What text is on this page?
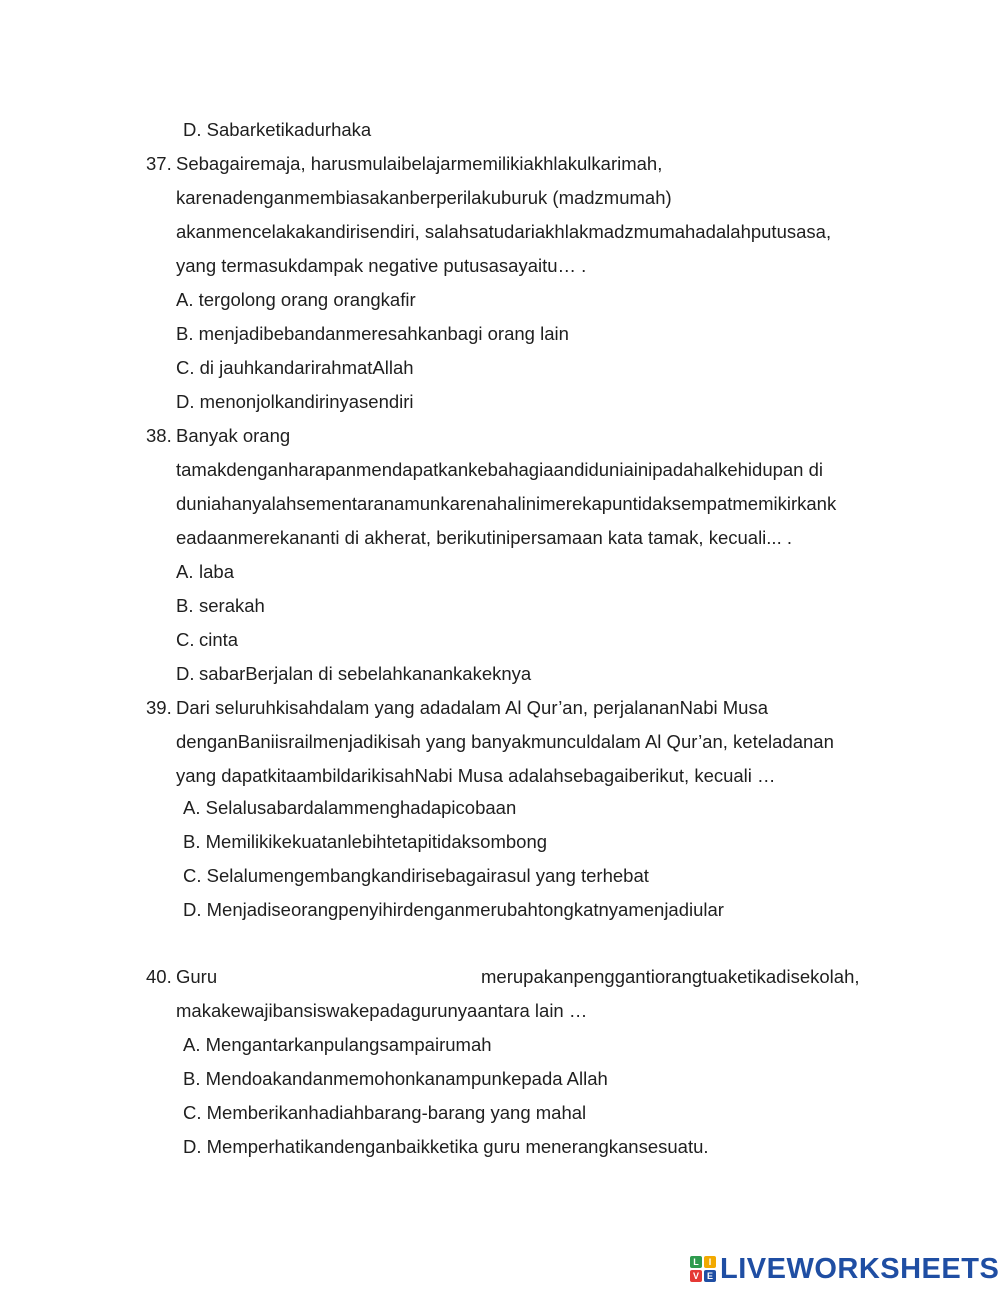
D. Sabarketikadurhaka
37. Sebagairemaja, harusmulaibelajarmemilikiakhlakulkarimah,
karenadenganmembiasakanberperilakuburuk (madzmumah)
akanmencelakakandirisendiri, salahsatudariakhlakmadzmumahadalahputusasa,
yang termasukdampak negative putusasayaitu… .
A. tergolong orang orangkafir
B. menjadibebandanmeresahkanbagi orang lain
C. di jauhkandarirahmatAllah
D. menonjolkandirinyasendiri
38. Banyak orang
tamakdenganharapanmendapatkankebahagiaandiduniainipadahalkehidupan di
duniahanyalahsementaranamunkarenahalinimerekapuntidaksempatmemikirkank
eadaanmerekananti di akherat, berikutinipersamaan kata tamak, kecuali... .
A. laba
B. serakah
C. cinta
D. sabarBerjalan di sebelahkanankakeknya
39. Dari seluruhkisahdalam yang adadalam Al Qur’an, perjalananNabi Musa
denganBaniisrailmenjadikisah yang banyakmunculdalam Al Qur’an, keteladanan
yang dapatkitaambildarikisahNabi Musa adalahsebagaiberikut, kecuali …
A. Selalusabardalammenghadapicobaan
B. Memilikikekuatanlebihtetapitidaksombong
C. Selalumengembangkandirisebagairasul yang terhebat
D. Menjadiseorangpenyihirdenganmerubahtongkatnyamenjadiular
40. Guru	merupakanpenggantiorangtuaketikadisekolah,
makakewajibansiswakepadagurunyaantara lain …
A. Mengantarkanpulangsampairumah
B. Mendoakandanmemohonkanampunkepada Allah
C. Memberikanhadiahbarang-barang yang mahal
D. Memperhatikandenganbaikketika guru menerangkansesuatu.
L	I
V E LIVEWORKSHEETS
